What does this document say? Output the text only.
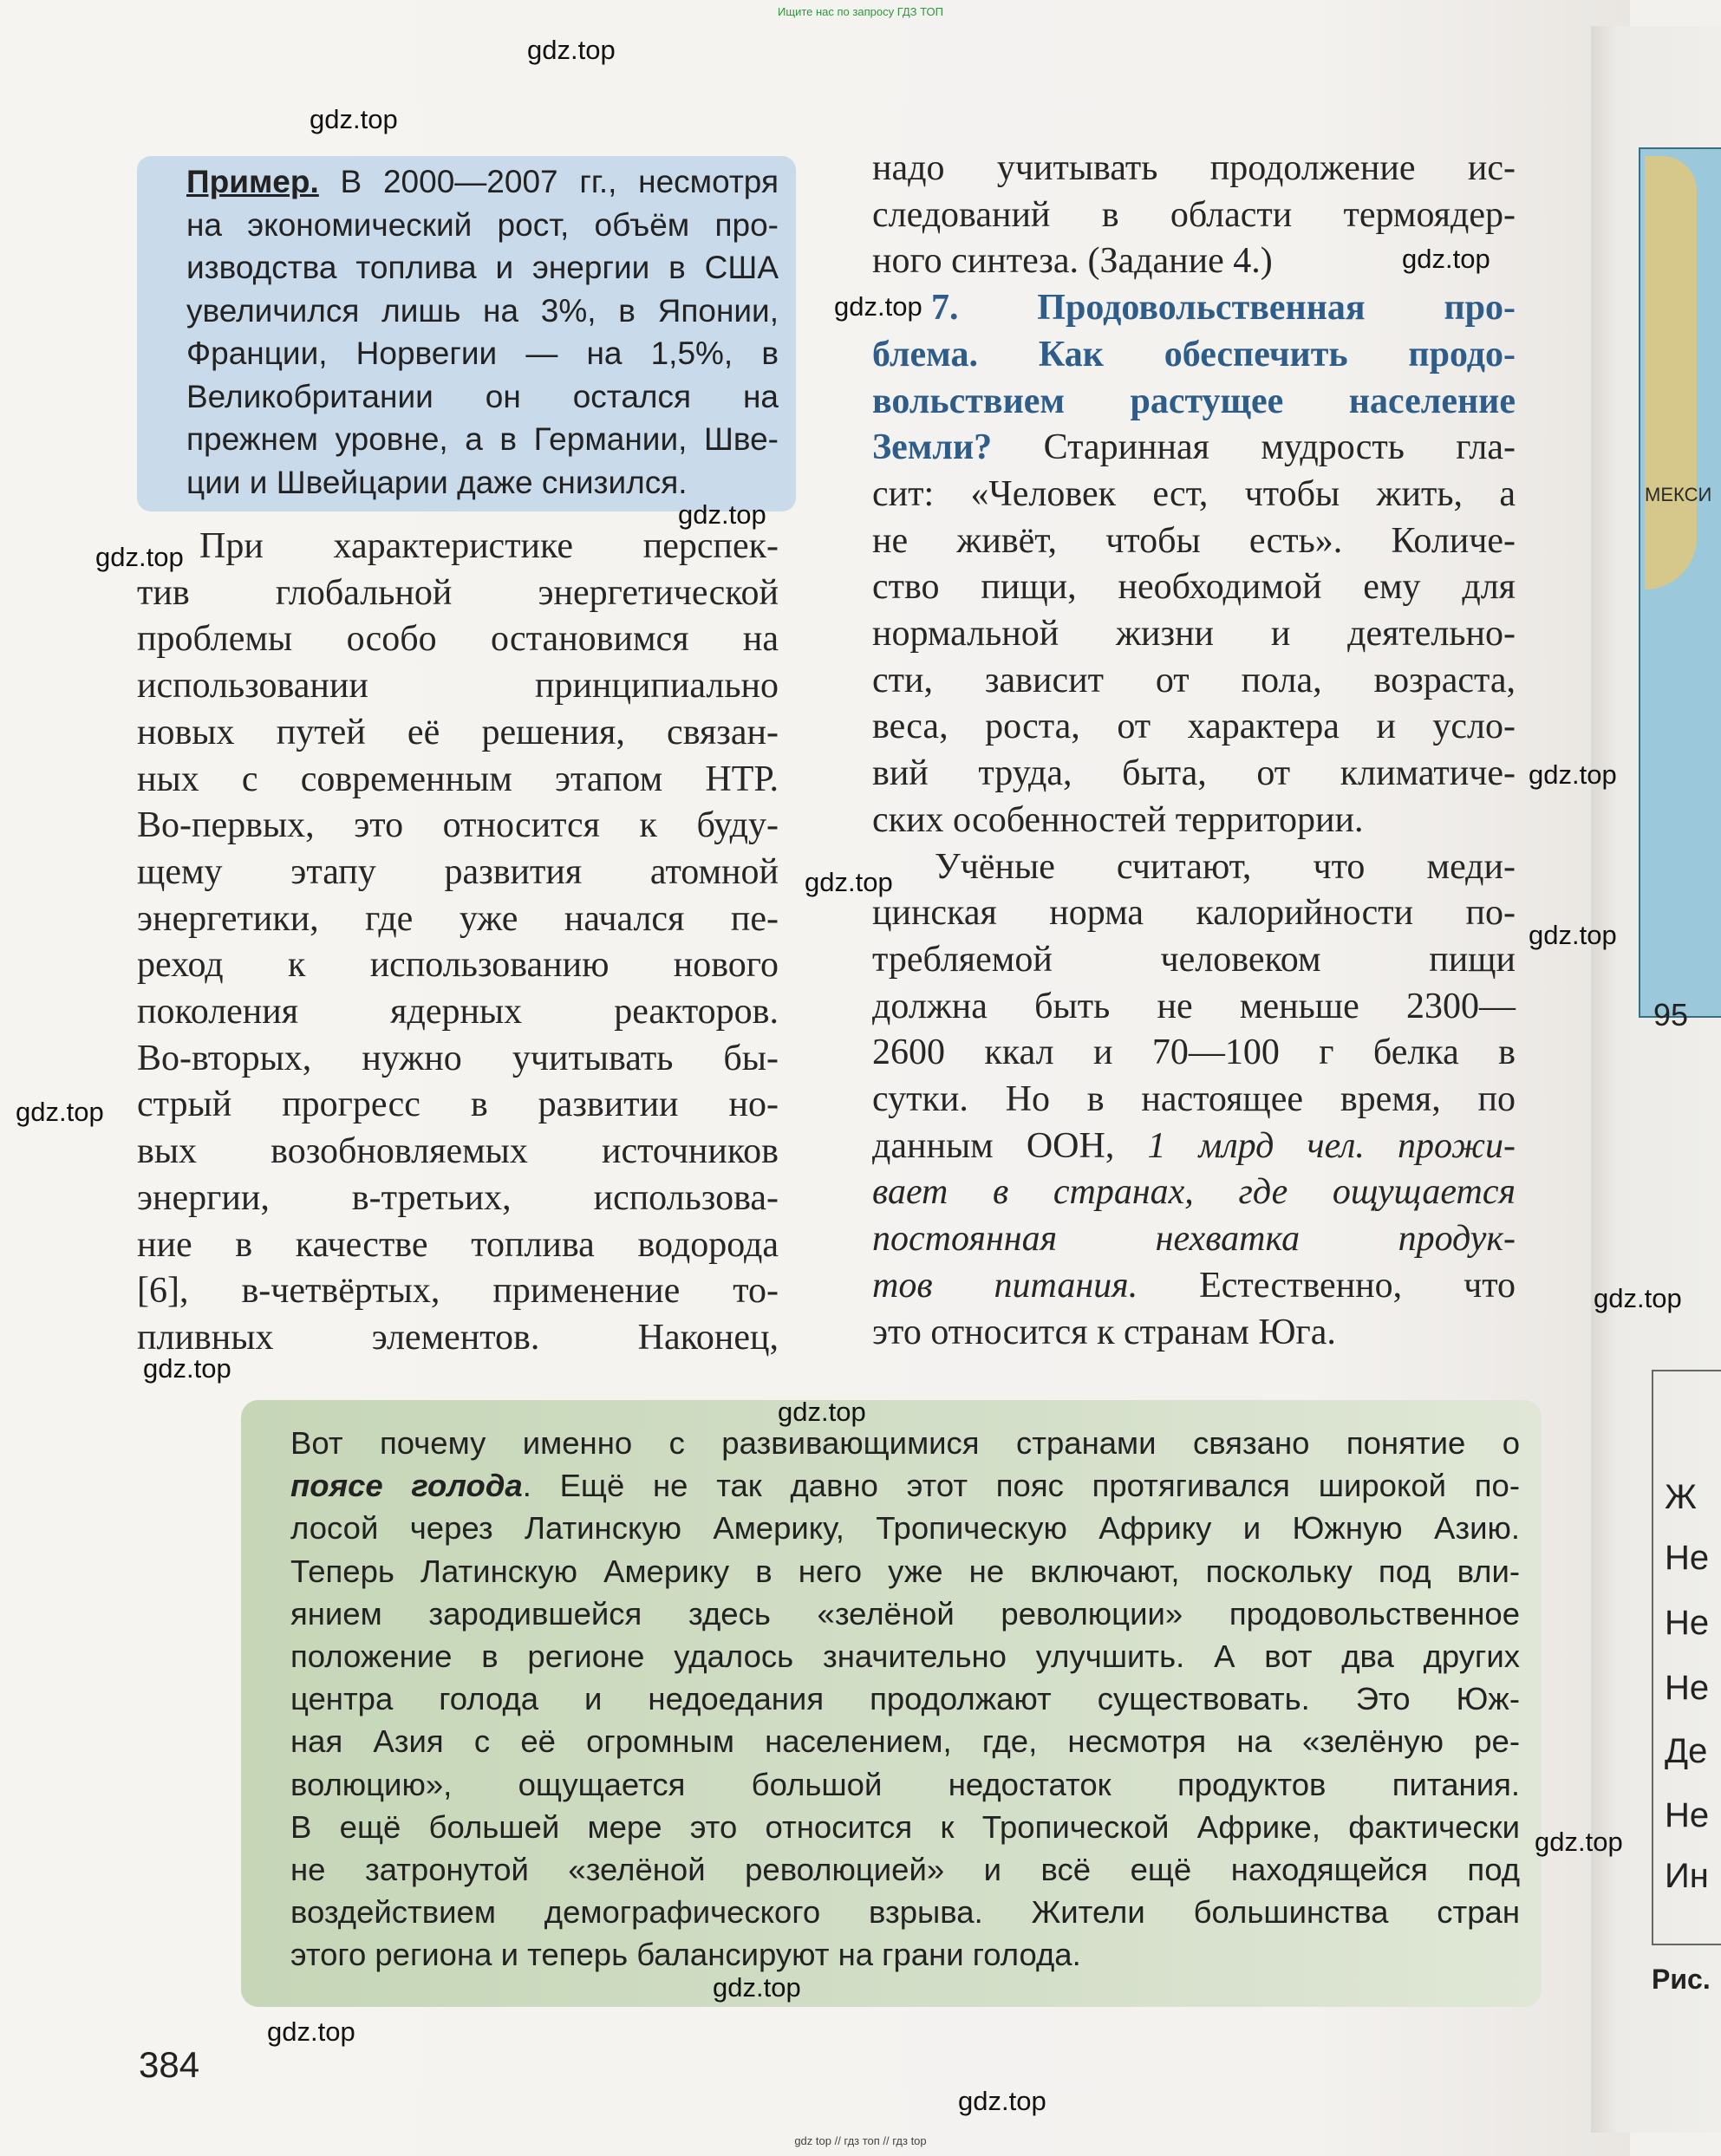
Ищите нас по запросу ГДЗ ТОП
МЕКСИ
95
Ж
Не
Не
Не
Де
Не
Ин
Рис.
Пример. В 2000—2007 гг., несмотря
на экономический рост, объём про-
изводства топлива и энергии в США
увеличился лишь на 3%, в Японии,
Франции, Норвегии — на 1,5%, в
Великобритании он остался на
прежнем уровне, а в Германии, Шве-
ции и Швейцарии даже снизился.
При характеристике перспек-
тив глобальной энергетической
проблемы особо остановимся на
использовании принципиально
новых путей её решения, связан-
ных с современным этапом НТР.
Во-первых, это относится к буду-
щему этапу развития атомной
энергетики, где уже начался пе-
реход к использованию нового
поколения ядерных реакторов.
Во-вторых, нужно учитывать бы-
стрый прогресс в развитии но-
вых возобновляемых источников
энергии, в-третьих, использова-
ние в качестве топлива водорода
[6], в-четвёртых, применение то-
пливных элементов. Наконец,
надо учитывать продолжение ис-
следований в области термоядер-
ного синтеза. (Задание 4.)
7. Продовольственная про-
блема. Как обеспечить продо-
вольствием растущее население
Земли? Старинная мудрость гла-
сит: «Человек ест, чтобы жить, а
не живёт, чтобы есть». Количе-
ство пищи, необходимой ему для
нормальной жизни и деятельно-
сти, зависит от пола, возраста,
веса, роста, от характера и усло-
вий труда, быта, от климатиче-
ских особенностей территории.
Учёные считают, что меди-
цинская норма калорийности по-
требляемой человеком пищи
должна быть не меньше 2300—
2600 ккал и 70—100 г белка в
сутки. Но в настоящее время, по
данным ООН, 1 млрд чел. прожи-
вает в странах, где ощущается
постоянная нехватка продук-
тов питания. Естественно, что
это относится к странам Юга.
Вот почему именно с развивающимися странами связано понятие о
поясе голода. Ещё не так давно этот пояс протягивался широкой по-
лосой через Латинскую Америку, Тропическую Африку и Южную Азию.
Теперь Латинскую Америку в него уже не включают, поскольку под вли-
янием зародившейся здесь «зелёной революции» продовольственное
положение в регионе удалось значительно улучшить. А вот два других
центра голода и недоедания продолжают существовать. Это Юж-
ная Азия с её огромным населением, где, несмотря на «зелёную ре-
волюцию», ощущается большой недостаток продуктов питания.
В ещё большей мере это относится к Тропической Африке, фактически
не затронутой «зелёной революцией» и всё ещё находящейся под
воздействием демографического взрыва. Жители большинства стран
этого региона и теперь балансируют на грани голода.
384
gdz.top
gdz.top
gdz.top
gdz.top
gdz.top
gdz.top
gdz.top
gdz.top
gdz.top
gdz.top
gdz.top
gdz.top
gdz.top
gdz.top
gdz.top
gdz.top
gdz.top
gdz top // гдз топ // гдз top
